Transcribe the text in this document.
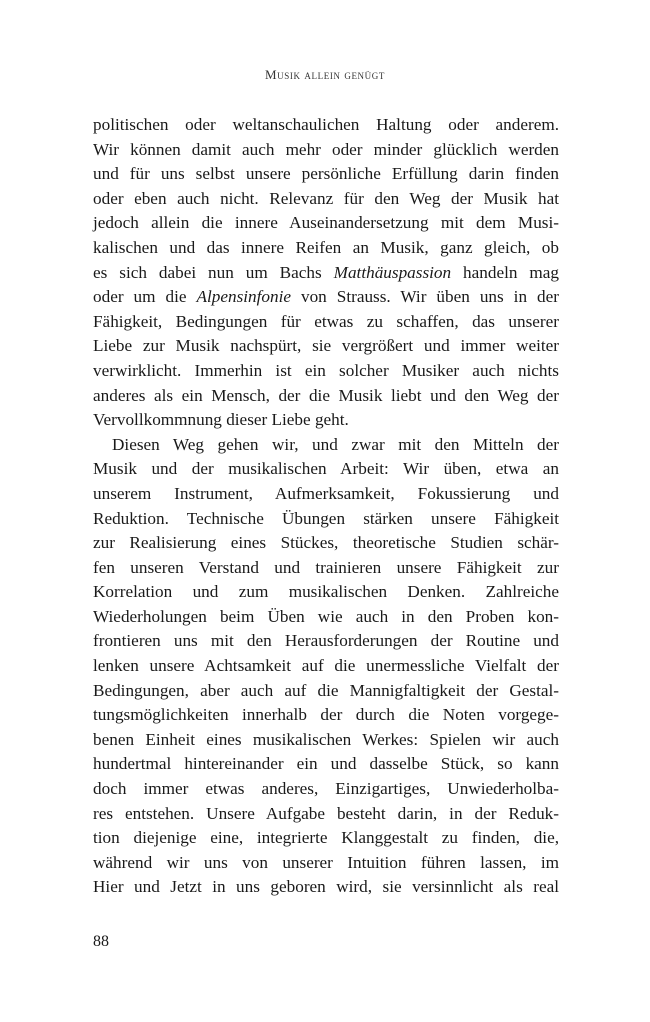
Musik allein genügt
politischen oder weltanschaulichen Haltung oder anderem.
Wir können damit auch mehr oder minder glücklich werden
und für uns selbst unsere persönliche Erfüllung darin finden
oder eben auch nicht. Relevanz für den Weg der Musik hat
jedoch allein die innere Auseinandersetzung mit dem Musi-
kalischen und das innere Reifen an Musik, ganz gleich, ob
es sich dabei nun um Bachs Matthäuspassion handeln mag
oder um die Alpensinfonie von Strauss. Wir üben uns in der
Fähigkeit, Bedingungen für etwas zu schaffen, das unserer
Liebe zur Musik nachspürt, sie vergrößert und immer weiter
verwirklicht. Immerhin ist ein solcher Musiker auch nichts
anderes als ein Mensch, der die Musik liebt und den Weg der
Vervollkommnung dieser Liebe geht.
Diesen Weg gehen wir, und zwar mit den Mitteln der
Musik und der musikalischen Arbeit: Wir üben, etwa an
unserem Instrument, Aufmerksamkeit, Fokussierung und
Reduktion. Technische Übungen stärken unsere Fähigkeit
zur Realisierung eines Stückes, theoretische Studien schär-
fen unseren Verstand und trainieren unsere Fähigkeit zur
Korrelation und zum musikalischen Denken. Zahlreiche
Wiederholungen beim Üben wie auch in den Proben kon-
frontieren uns mit den Herausforderungen der Routine und
lenken unsere Achtsamkeit auf die unermessliche Vielfalt der
Bedingungen, aber auch auf die Mannigfaltigkeit der Gestal-
tungsmöglichkeiten innerhalb der durch die Noten vorgege-
benen Einheit eines musikalischen Werkes: Spielen wir auch
hundertmal hintereinander ein und dasselbe Stück, so kann
doch immer etwas anderes, Einzigartiges, Unwiederholba-
res entstehen. Unsere Aufgabe besteht darin, in der Reduk-
tion diejenige eine, integrierte Klanggestalt zu finden, die,
während wir uns von unserer Intuition führen lassen, im
Hier und Jetzt in uns geboren wird, sie versinnlicht als real
88
